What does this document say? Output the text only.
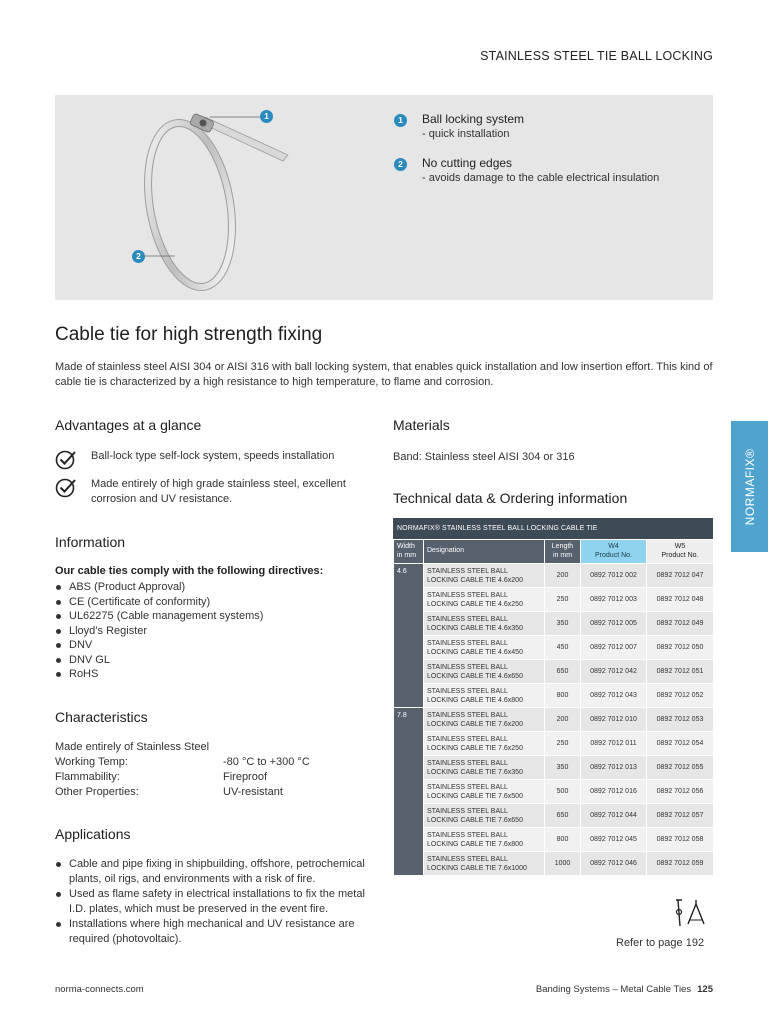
STAINLESS STEEL TIE BALL LOCKING
1
2
1	Ball locking system
- quick installation
2	No cutting edges
- avoids damage to the cable electrical insulation
Cable tie for high strength fixing
Made of stainless steel AISI 304 or AISI 316 with ball locking system, that enables quick installation and low insertion effort. This kind of cable tie is characterized by a high resistance to high temperature, to flame and corrosion.
Advantages at a glance
Ball-lock type self-lock system, speeds installation
Made entirely of high grade stainless steel, excellent corrosion and UV resistance.
Information
Our cable ties comply with the following directives:
ABS (Product Approval)
CE (Certificate of conformity)
UL62275 (Cable management systems)
Lloyd’s Register
DNV
DNV GL
RoHS
Characteristics
Made entirely of Stainless Steel
Working Temp:	-80 °C to +300 °C
Flammability:	Fireproof
Other Properties:	UV-resistant
Applications
Cable and pipe fixing in shipbuilding, offshore, petrochemical plants, oil rigs, and environments with a risk of fire.
Used as flame safety in electrical installations to fix the metal I.D. plates, which must be preserved in the event fire.
Installations where high mechanical and UV resistance are required (photovoltaic).
Materials
Band: Stainless steel AISI 304 or 316
Technical data & Ordering information
NORMAFIX® STAINLESS STEEL BALL LOCKING CABLE TIE
Width
in mm	Designation	Length
in mm	W4
Product No.	W5
Product No.
4.6	STAINLESS STEEL BALL
LOCKING CABLE TIE 4.6x200	200	0892 7012 002	0892 7012 047
	STAINLESS STEEL BALL
LOCKING CABLE TIE 4.6x250	250	0892 7012 003	0892 7012 048
	STAINLESS STEEL BALL
LOCKING CABLE TIE 4.6x350	350	0892 7012 005	0892 7012 049
	STAINLESS STEEL BALL
LOCKING CABLE TIE 4.6x450	450	0892 7012 007	0892 7012 050
	STAINLESS STEEL BALL
LOCKING CABLE TIE 4.6x650	650	0892 7012 042	0892 7012 051
	STAINLESS STEEL BALL
LOCKING CABLE TIE 4.6x800	800	0892 7012 043	0892 7012 052
7.8	STAINLESS STEEL BALL
LOCKING CABLE TIE 7.6x200	200	0892 7012 010	0892 7012 053
	STAINLESS STEEL BALL
LOCKING CABLE TIE 7.6x250	250	0892 7012 011	0892 7012 054
	STAINLESS STEEL BALL
LOCKING CABLE TIE 7.6x350	350	0892 7012 013	0892 7012 055
	STAINLESS STEEL BALL
LOCKING CABLE TIE 7.6x500	500	0892 7012 016	0892 7012 056
	STAINLESS STEEL BALL
LOCKING CABLE TIE 7.6x650	650	0892 7012 044	0892 7012 057
	STAINLESS STEEL BALL
LOCKING CABLE TIE 7.6x800	800	0892 7012 045	0892 7012 058
	STAINLESS STEEL BALL
LOCKING CABLE TIE 7.6x1000	1000	0892 7012 046	0892 7012 059
NORMAFIX®
Refer to page 192
norma-connects.com	Banding Systems – Metal Cable Ties 125
